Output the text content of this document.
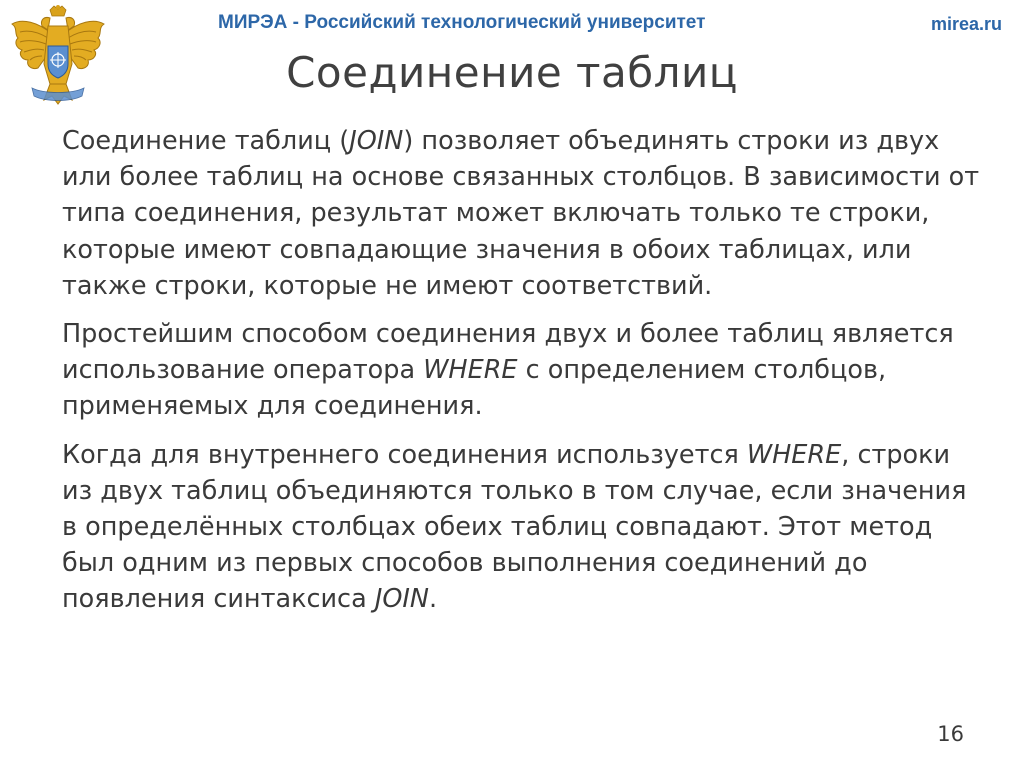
МИРЭА - Российский технологический университет	mirea.ru
Соединение таблиц

Соединение таблиц (JOIN) позволяет объединять строки из двух или более таблиц на основе связанных столбцов. В зависимости от типа соединения, результат может включать только те строки, которые имеют совпадающие значения в обоих таблицах, или также строки, которые не имеют соответствий.

Простейшим способом соединения двух и более таблиц является использование оператора WHERE с определением столбцов, применяемых для соединения.

Когда для внутреннего соединения используется WHERE, строки из двух таблиц объединяются только в том случае, если значения в определённых столбцах обеих таблиц совпадают. Этот метод был одним из первых способов выполнения соединений до появления синтаксиса JOIN.

16
